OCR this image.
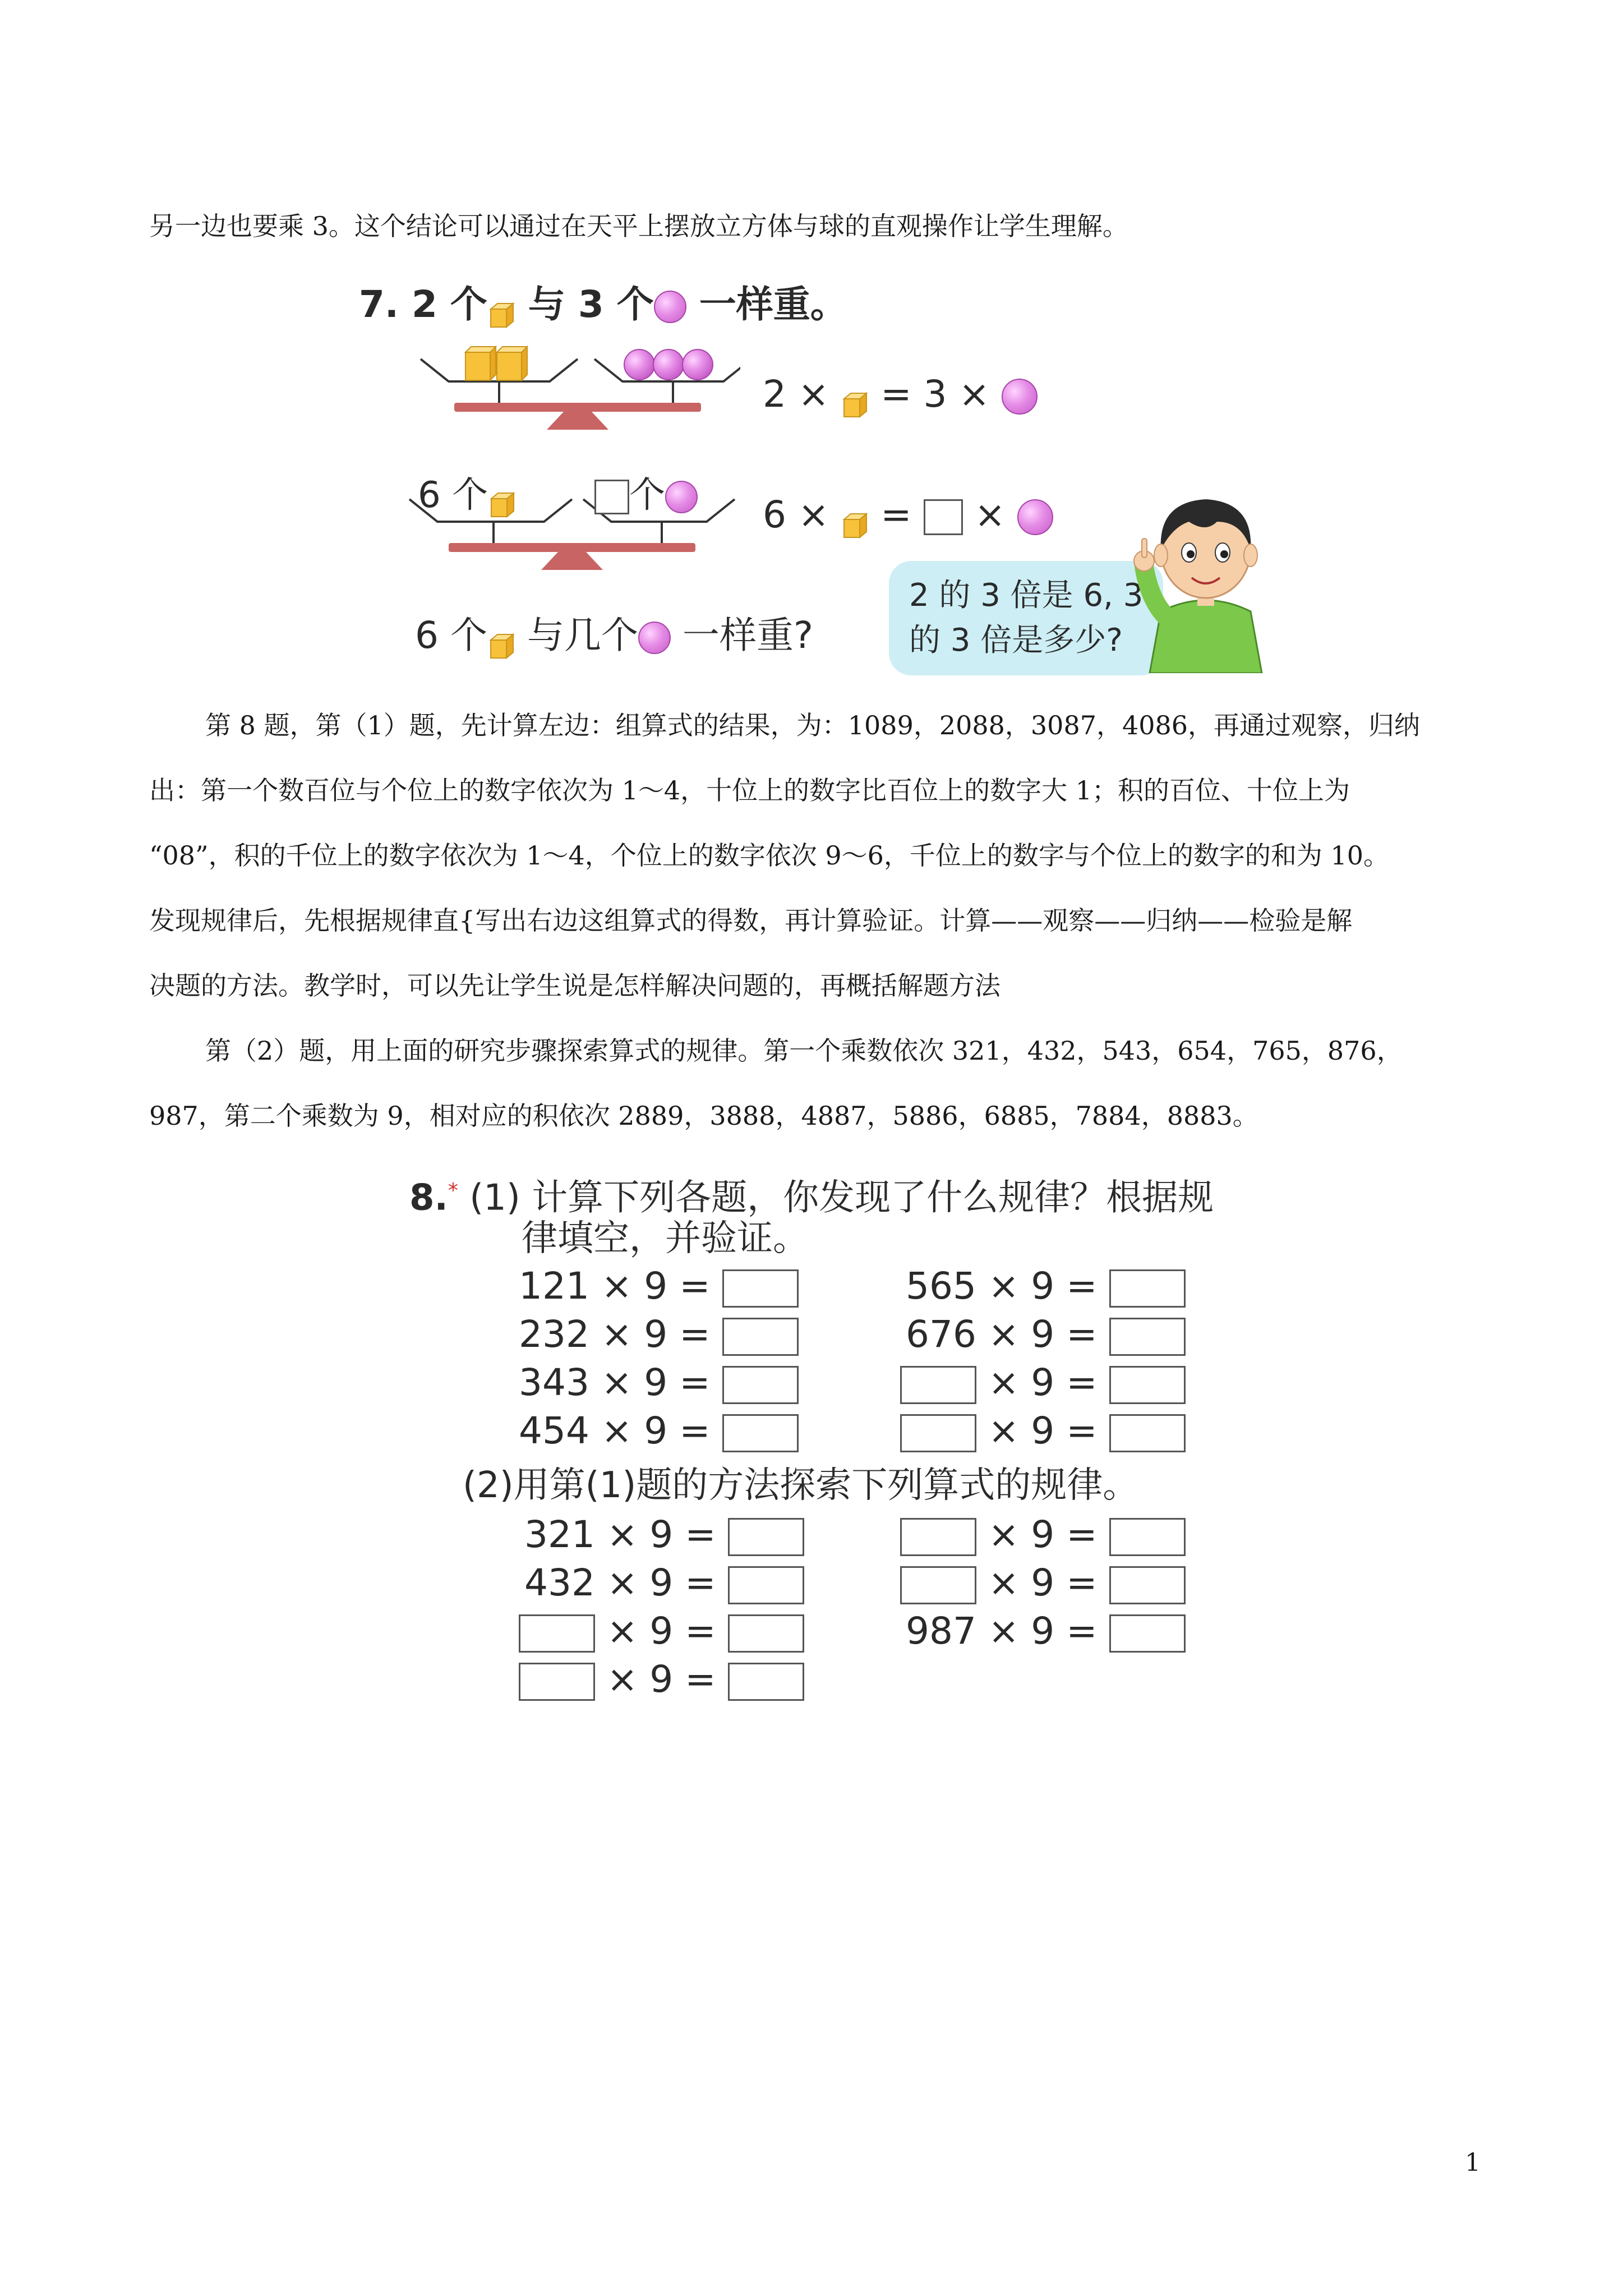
另一边也要乘 3。这个结论可以通过在天平上摆放立方体与球的直观操作让学生理解。
7. 2 个 与 3 个 一样重。
2 × = 3 ×
6 个	个	6 × = ×
6 个 与几个 一样重?
2 的 3 倍是 6, 3
的 3 倍是多少?
第 8 题，第（1）题，先计算左边：组算式的结果，为：1089，2088，3087，4086，再通过观察，归纳
出：第一个数百位与个位上的数字依次为 1～4，十位上的数字比百位上的数字大 1；积的百位、十位上为
“08”，积的千位上的数字依次为 1～4，个位上的数字依次 9～6，千位上的数字与个位上的数字的和为 10。
发现规律后，先根据规律直{写出右边这组算式的得数，再计算验证。计算——观察——归纳——检验是解
决题的方法。教学时，可以先让学生说是怎样解决问题的，再概括解题方法
第（2）题，用上面的研究步骤探索算式的规律。第一个乘数依次 321，432，543，654，765，876，
987，第二个乘数为 9，相对应的积依次 2889，3888，4887，5886，6885，7884，8883。
8.* (1) 计算下列各题，你发现了什么规律？根据规
律填空，并验证。
121 × 9 =
232 × 9 =
343 × 9 =
454 × 9 =
565 × 9 =
676 × 9 =
× 9 =
× 9 =
(2)用第(1)题的方法探索下列算式的规律。
321 × 9 =
432 × 9 =
× 9 =
× 9 =
× 9 =
× 9 =
987 × 9 =
1
